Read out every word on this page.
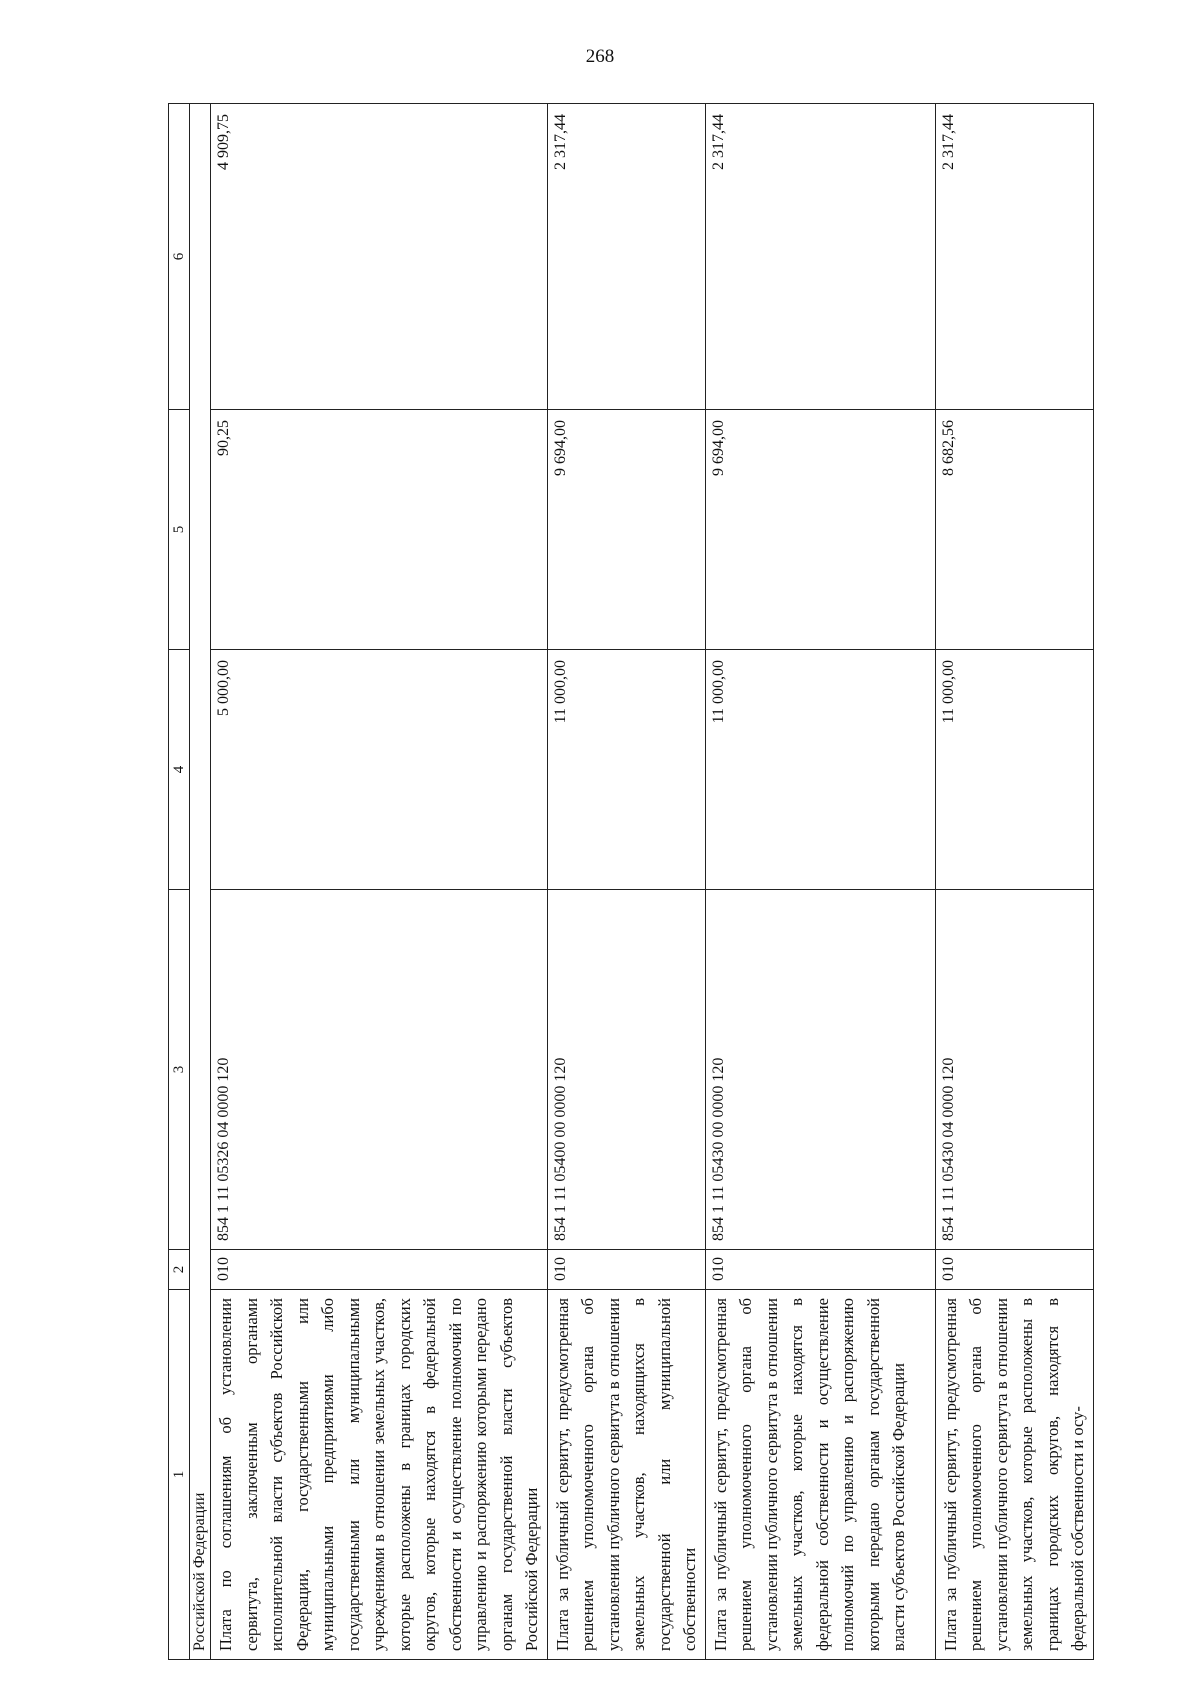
268
1	2	3	4	5	6
Российской Федерации					
Плата по соглашениям об установлении сервитута, заключенным органами исполнительной власти субъектов Российской Федерации, государственными или муниципальными предприятиями либо государственными или муниципальными учреждениями в отношении земельных участков, которые расположены в границах городских округов, которые находятся в федеральной собственности и осуществление полномочий по управлению и распоряжению которыми передано органам государственной власти субъектов Российской Федерации	010	854 1 11 05326 04 0000 120	5 000,00	90,25	4 909,75
Плата за публичный сервитут, предусмотренная решением уполномоченного органа об установлении публичного сервитута в отношении земельных участков, находящихся в государственной или муниципальной собственности	010	854 1 11 05400 00 0000 120	11 000,00	9 694,00	2 317,44
Плата за публичный сервитут, предусмотренная решением уполномоченного органа об установлении публичного сервитута в отношении земельных участков, которые находятся в федеральной собственности и осуществление полномочий по управлению и распоряжению которыми передано органам государственной власти субъектов Российской Федерации	010	854 1 11 05430 00 0000 120	11 000,00	9 694,00	2 317,44
Плата за публичный сервитут, предусмотренная решением уполномоченного органа об установлении публичного сервитута в отношении земельных участков, которые расположены в границах городских округов, находятся в федеральной собственности и осу-	010	854 1 11 05430 04 0000 120	11 000,00	8 682,56	2 317,44
